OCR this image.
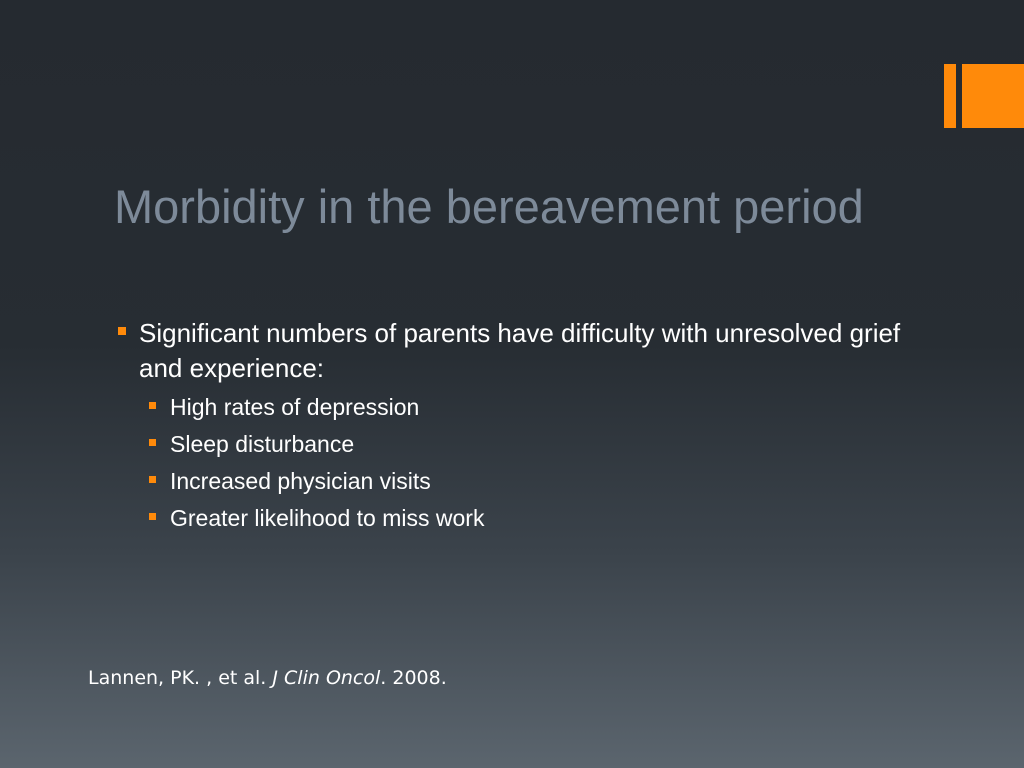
Morbidity in the bereavement period
Significant numbers of parents have difficulty with unresolved grief and experience:
High rates of depression
Sleep disturbance
Increased physician visits
Greater likelihood to miss work

Lannen, PK. , et al. J Clin Oncol. 2008.
